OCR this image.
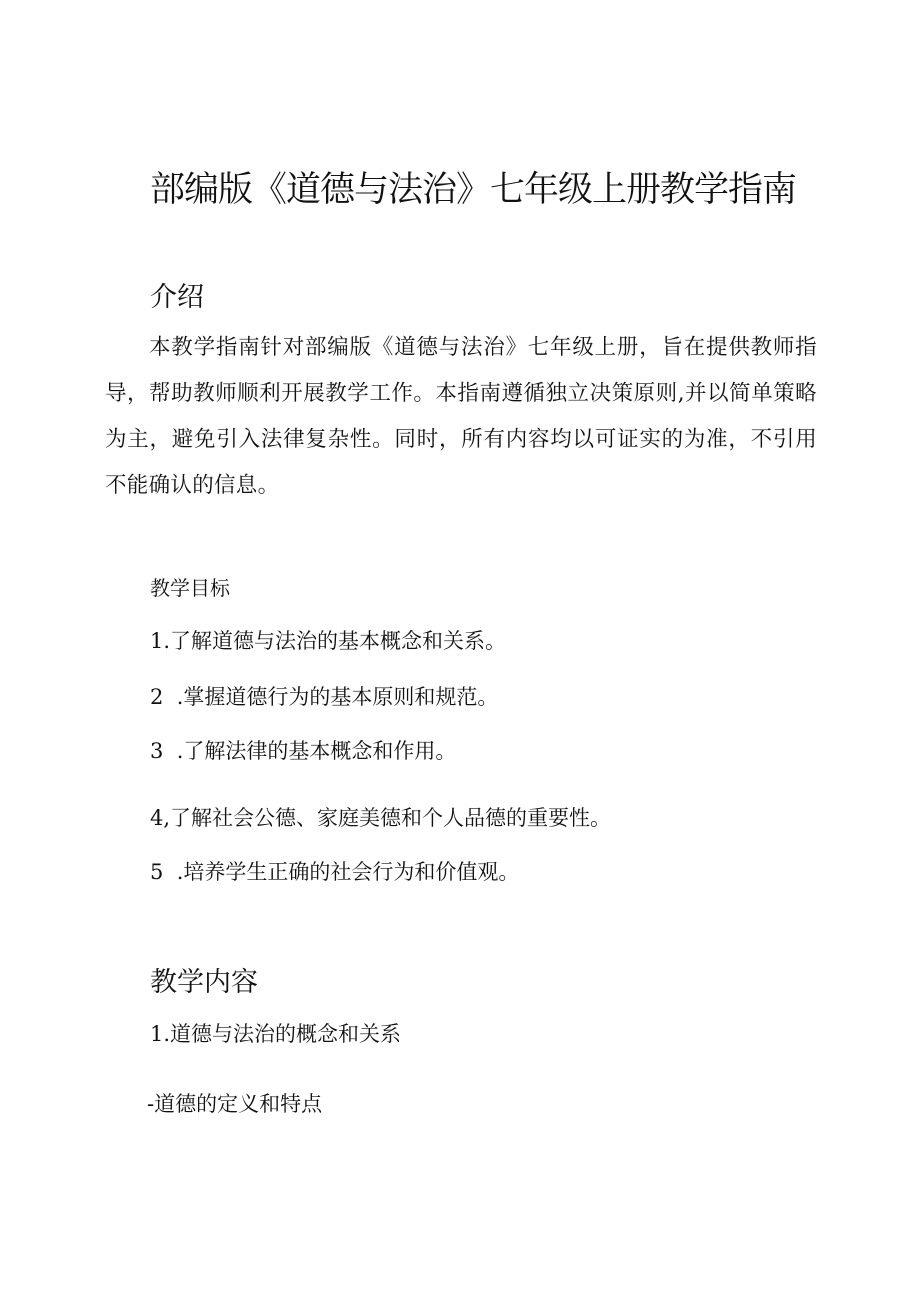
部编版《道德与法治》七年级上册教学指南
介绍
本教学指南针对部编版《道德与法治》七年级上册，旨在提供教师指导，帮助教师顺利开展教学工作。本指南遵循独立决策原则,并以简单策略为主，避免引入法律复杂性。同时，所有内容均以可证实的为准，不引用不能确认的信息。
教学目标
1.了解道德与法治的基本概念和关系。
2  .掌握道德行为的基本原则和规范。
3  .了解法律的基本概念和作用。
4,了解社会公德、家庭美德和个人品德的重要性。
5  .培养学生正确的社会行为和价值观。
教学内容
1.道德与法治的概念和关系
-道德的定义和特点
